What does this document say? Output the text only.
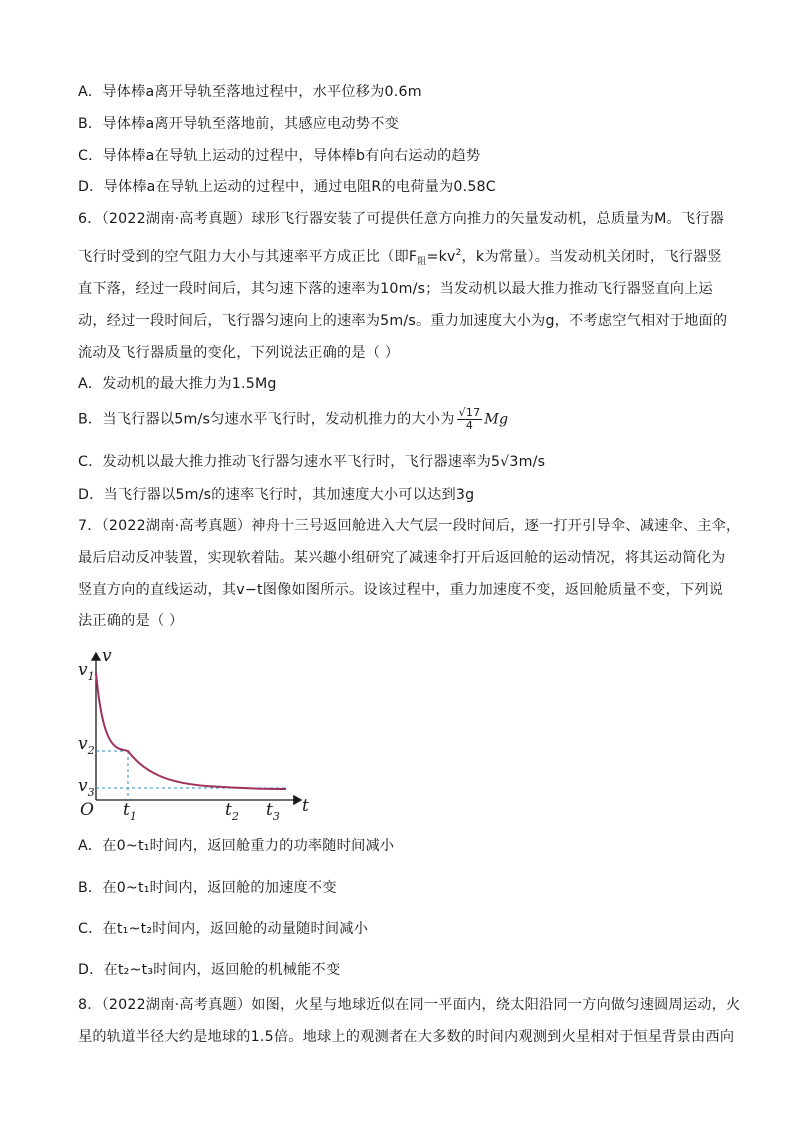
A．导体棒a离开导轨至落地过程中，水平位移为0.6m
B．导体棒a离开导轨至落地前，其感应电动势不变
C．导体棒a在导轨上运动的过程中，导体棒b有向右运动的趋势
D．导体棒a在导轨上运动的过程中，通过电阻R的电荷量为0.58C
6．（2022湖南·高考真题）球形飞行器安装了可提供任意方向推力的矢量发动机，总质量为M。飞行器
飞行时受到的空气阻力大小与其速率平方成正比（即$F_阻=kv^2$，k为常量）。当发动机关闭时，飞行器竖
直下落，经过一段时间后，其匀速下落的速率为10m/s；当发动机以最大推力推动飞行器竖直向上运
动，经过一段时间后，飞行器匀速向上的速率为5m/s。重力加速度大小为g，不考虑空气相对于地面的
流动及飞行器质量的变化，下列说法正确的是（ ）
A．发动机的最大推力为1.5Mg
B．当飞行器以5m/s匀速水平飞行时，发动机推力的大小为 $\frac{√17}{4}$ Mg
C．发动机以最大推力推动飞行器匀速水平飞行时，飞行器速率为5√3m/s
D．当飞行器以5m/s的速率飞行时，其加速度大小可以达到3g
7．（2022湖南·高考真题）神舟十三号返回舱进入大气层一段时间后，逐一打开引导伞、减速伞、主伞，
最后启动反冲装置，实现软着陆。某兴趣小组研究了减速伞打开后返回舱的运动情况，将其运动简化为
竖直方向的直线运动，其v−t图像如图所示。设该过程中，重力加速度不变，返回舱质量不变，下列说
法正确的是（ ）
v
t
O
$v_1$
$v_2$
$v_3$
$t_1$	$t_2$ $t_3$
A．在0~t₁时间内，返回舱重力的功率随时间减小
B．在0~t₁时间内，返回舱的加速度不变
C．在t₁~t₂时间内，返回舱的动量随时间减小
D．在t₂~t₃时间内，返回舱的机械能不变
8．（2022湖南·高考真题）如图，火星与地球近似在同一平面内，绕太阳沿同一方向做匀速圆周运动，火
星的轨道半径大约是地球的1.5倍。地球上的观测者在大多数的时间内观测到火星相对于恒星背景由西向
